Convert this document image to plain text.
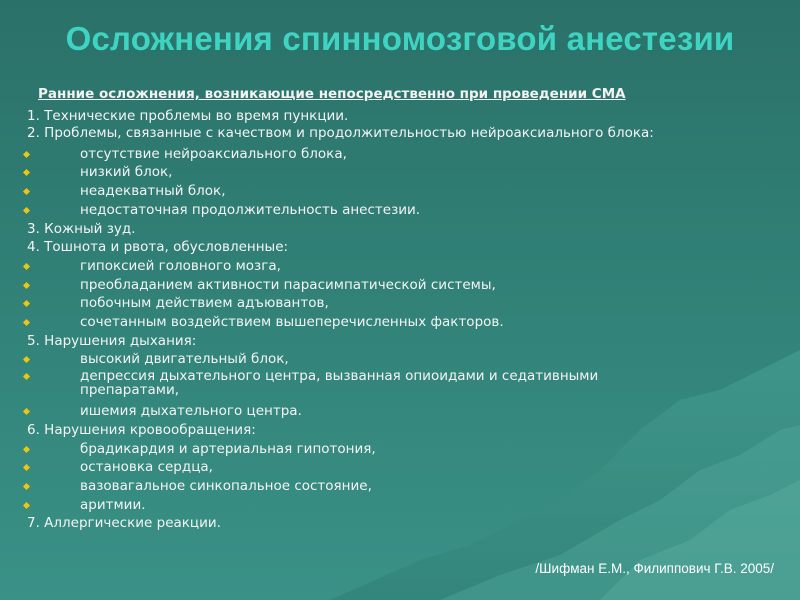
Осложнения спинномозговой анестезии
Ранние осложнения, возникающие непосредственно при проведении СМА
1. Технические проблемы во время пункции.
2. Проблемы, связанные с качеством и продолжительностью нейроаксиального блока:
отсутствие нейроаксиального блока,
низкий блок,
неадекватный блок,
недостаточная продолжительность анестезии.
3. Кожный зуд.
4. Тошнота и рвота, обусловленные:
гипоксией головного мозга,
преобладанием активности парасимпатической системы,
побочным действием адъювантов,
сочетанным воздействием вышеперечисленных факторов.
5. Нарушения дыхания:
высокий двигательный блок,
депрессия дыхательного центра, вызванная опиоидами и седативными препаратами,
ишемия дыхательного центра.
6. Нарушения кровообращения:
брадикардия и артериальная гипотония,
остановка сердца,
вазовагальное синкопальное состояние,
аритмии.
7. Аллергические реакции.
/Шифман Е.М., Филиппович Г.В. 2005/
